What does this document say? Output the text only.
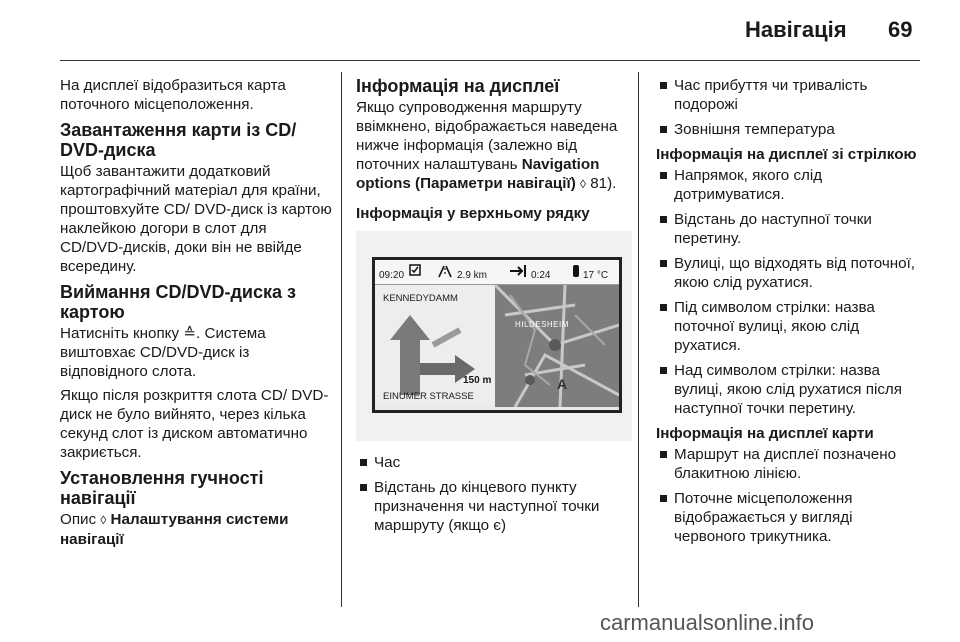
Навігація 69

На дисплеї відобразиться карта поточного місцеположення.

Завантаження карти із CD/ DVD-диска

Щоб завантажити додатковий картографічний матеріал для країни, проштовхуйте CD/ DVD-диск із картою наклейкою догори в слот для CD/DVD-дисків, доки він не ввійде всередину.

Виймання CD/DVD-диска з картою

Натисніть кнопку ≙. Система виштовхає CD/DVD-диск із відповідного слота.

Якщо після розкриття слота CD/ DVD-диск не було вийнято, через кілька секунд слот із диском автоматично закриється.

Установлення гучності навігації

Опис ◊ Налаштування системи навігації

Інформація на дисплеї

Якщо супроводження маршруту ввімкнено, відображається наведена нижче інформація (залежно від поточних налаштувань Navigation options (Параметри навігації) ◊ 81).

Інформація у верхньому рядку
09:20	2.9 km	0:24	17 °C
A
KENNEDYDAMM
HILDESHEIM
150 m
EINUMER STRASSE
Час
Відстань до кінцевого пункту призначення чи наступної точки маршруту (якщо є)
Час прибуття чи тривалість подорожі
Зовнішня температура
Інформація на дисплеї зі стрілкою
Напрямок, якого слід дотримуватися.
Відстань до наступної точки перетину.
Вулиці, що відходять від поточної, якою слід рухатися.
Під символом стрілки: назва поточної вулиці, якою слід рухатися.
Над символом стрілки: назва вулиці, якою слід рухатися після наступної точки перетину.
Інформація на дисплеї карти
Маршрут на дисплеї позначено блакитною лінією.
Поточне місцеположення відображається у вигляді червоного трикутника.
carmanualsonline.info
